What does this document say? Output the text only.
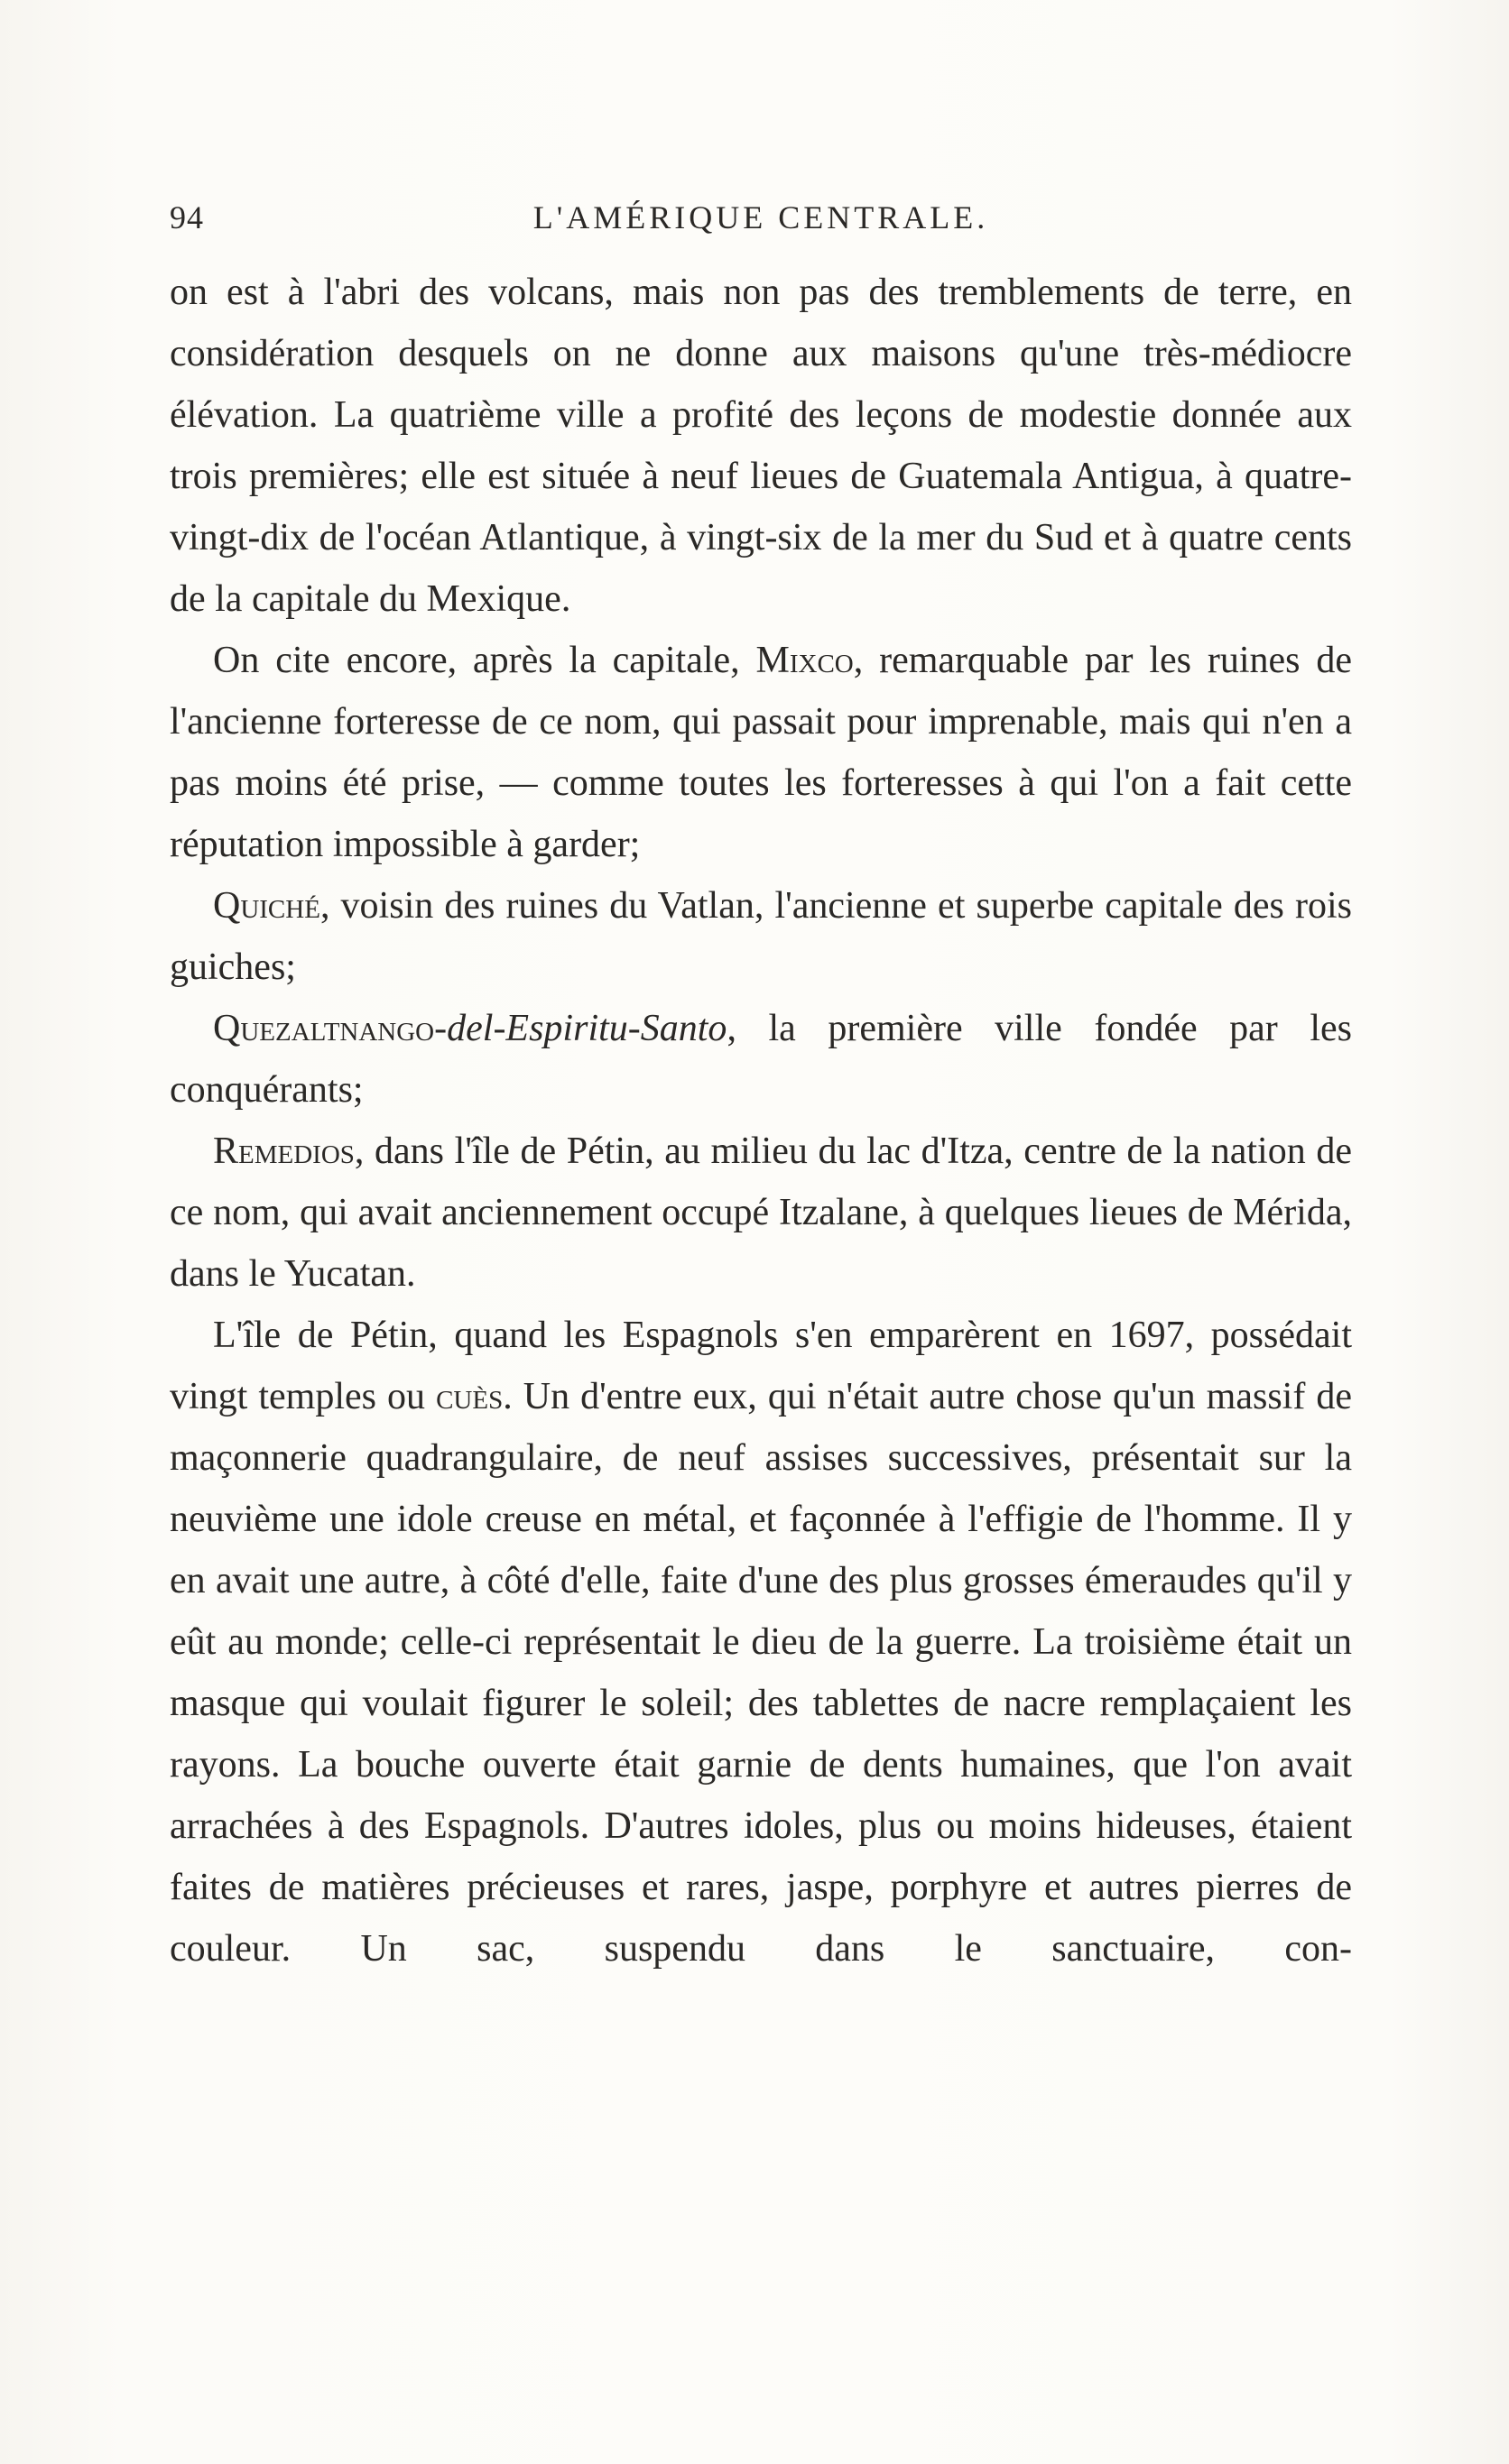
94	L'AMÉRIQUE CENTRALE.

on est à l'abri des volcans, mais non pas des tremblements de terre, en considération desquels on ne donne aux maisons qu'une très-médiocre élévation. La quatrième ville a profité des leçons de modestie donnée aux trois premières; elle est située à neuf lieues de Guatemala Antigua, à quatre-vingt-dix de l'océan Atlantique, à vingt-six de la mer du Sud et à quatre cents de la capitale du Mexique.

On cite encore, après la capitale, Mixco, remarquable par les ruines de l'ancienne forteresse de ce nom, qui passait pour imprenable, mais qui n'en a pas moins été prise, — comme toutes les forteresses à qui l'on a fait cette réputation impossible à garder;

Quiché, voisin des ruines du Vatlan, l'ancienne et superbe capitale des rois guiches;

Quezaltnango-del-Espiritu-Santo, la première ville fondée par les conquérants;

Remedios, dans l'île de Pétin, au milieu du lac d'Itza, centre de la nation de ce nom, qui avait anciennement occupé Itzalane, à quelques lieues de Mérida, dans le Yucatan.

L'île de Pétin, quand les Espagnols s'en emparèrent en 1697, possédait vingt temples ou cuès. Un d'entre eux, qui n'était autre chose qu'un massif de maçonnerie quadrangulaire, de neuf assises successives, présentait sur la neuvième une idole creuse en métal, et façonnée à l'effigie de l'homme. Il y en avait une autre, à côté d'elle, faite d'une des plus grosses émeraudes qu'il y eût au monde; celle-ci représentait le dieu de la guerre. La troisième était un masque qui voulait figurer le soleil; des tablettes de nacre remplaçaient les rayons. La bouche ouverte était garnie de dents humaines, que l'on avait arrachées à des Espagnols. D'autres idoles, plus ou moins hideuses, étaient faites de matières précieuses et rares, jaspe, porphyre et autres pierres de couleur. Un sac, suspendu dans le sanctuaire, con-
